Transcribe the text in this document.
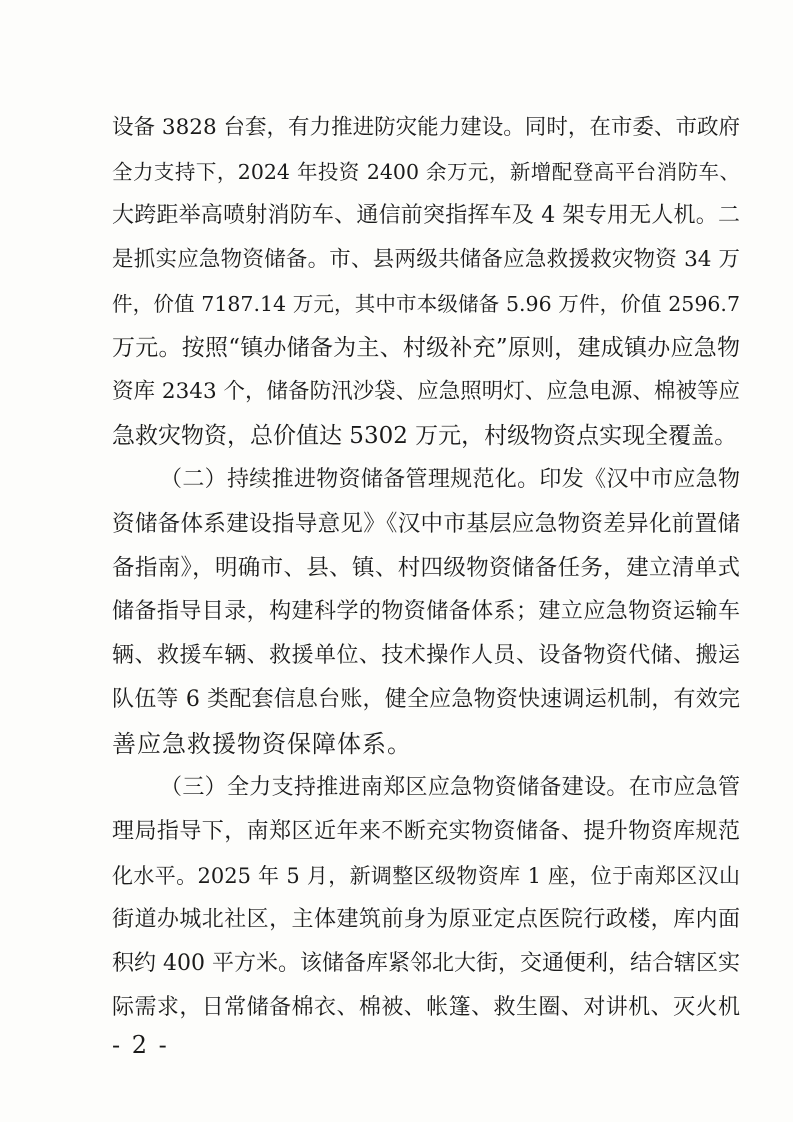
设备 3828 台套，有力推进防灾能力建设。同时，在市委、市政府
全力支持下，2024 年投资 2400 余万元，新增配登高平台消防车、
大跨距举高喷射消防车、通信前突指挥车及 4 架专用无人机。二
是抓实应急物资储备。市、县两级共储备应急救援救灾物资 34 万
件，价值 7187.14 万元，其中市本级储备 5.96 万件，价值 2596.7
万元。按照“镇办储备为主、村级补充”原则，建成镇办应急物
资库 2343 个，储备防汛沙袋、应急照明灯、应急电源、棉被等应
急救灾物资，总价值达 5302 万元，村级物资点实现全覆盖。
（二）持续推进物资储备管理规范化。印发《汉中市应急物
资储备体系建设指导意见》《汉中市基层应急物资差异化前置储
备指南》，明确市、县、镇、村四级物资储备任务，建立清单式
储备指导目录，构建科学的物资储备体系；建立应急物资运输车
辆、救援车辆、救援单位、技术操作人员、设备物资代储、搬运
队伍等 6 类配套信息台账，健全应急物资快速调运机制，有效完
善应急救援物资保障体系。
（三）全力支持推进南郑区应急物资储备建设。在市应急管
理局指导下，南郑区近年来不断充实物资储备、提升物资库规范
化水平。2025 年 5 月，新调整区级物资库 1 座，位于南郑区汉山
街道办城北社区，主体建筑前身为原亚定点医院行政楼，库内面
积约 400 平方米。该储备库紧邻北大街，交通便利，结合辖区实
际需求，日常储备棉衣、棉被、帐篷、救生圈、对讲机、灭火机
- 2 -
